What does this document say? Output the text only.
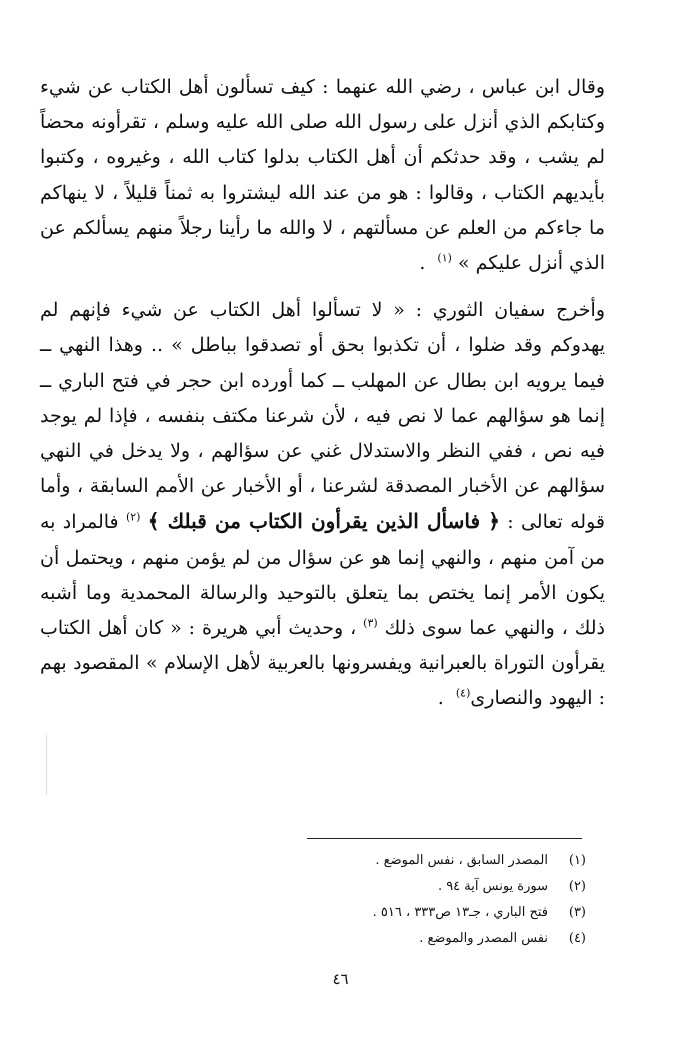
وقال ابن عباس ، رضي الله عنهما : كيف تسألون أهل الكتاب عن شيء وكتابكم الذي أنزل على رسول الله صلى الله عليه وسلم ، تقرأونه محضاً لم يشب ، وقد حدثكم أن أهل الكتاب بدلوا كتاب الله ، وغيروه ، وكتبوا بأيديهم الكتاب ، وقالوا : هو من عند الله ليشتروا به ثمناً قليلاً ، لا ينهاكم ما جاءكم من العلم عن مسألتهم ، لا والله ما رأينا رجلاً منهم يسألكم عن الذي أنزل عليكم » $^{(١)}$ .

وأخرج سفيان الثوري : « لا تسألوا أهل الكتاب عن شيء فإنهم لم يهدوكم وقد ضلوا ، أن تكذبوا بحق أو تصدقوا بباطل » .. وهذا النهي ــ فيما يرويه ابن بطال عن المهلب ــ كما أورده ابن حجر في فتح الباري ــ إنما هو سؤالهم عما لا نص فيه ، لأن شرعنا مكتف بنفسه ، فإذا لم يوجد فيه نص ، ففي النظر والاستدلال غني عن سؤالهم ، ولا يدخل في النهي سؤالهم عن الأخبار المصدقة لشرعنا ، أو الأخبار عن الأمم السابقة ، وأما قوله تعالى : ﴿ فاسأل الذين يقرأون الكتاب من قبلك ﴾ $^{(٢)}$ فالمراد به من آمن منهم ، والنهي إنما هو عن سؤال من لم يؤمن منهم ، ويحتمل أن يكون الأمر إنما يختص بما يتعلق بالتوحيد والرسالة المحمدية وما أشبه ذلك ، والنهي عما سوى ذلك $^{(٣)}$ ، وحديث أبي هريرة : « كان أهل الكتاب يقرأون التوراة بالعبرانية ويفسرونها بالعربية لأهل الإسلام » المقصود بهم : اليهود والنصارى$^{(٤)}$ .

(١)المصدر السابق ، نفس الموضع .
(٢)سورة يونس آية ٩٤ .
(٣)فتح الباري ، جـ١٣ ص٣٣٣ ، ٥١٦ .
(٤)نفس المصدر والموضع .
٤٦
